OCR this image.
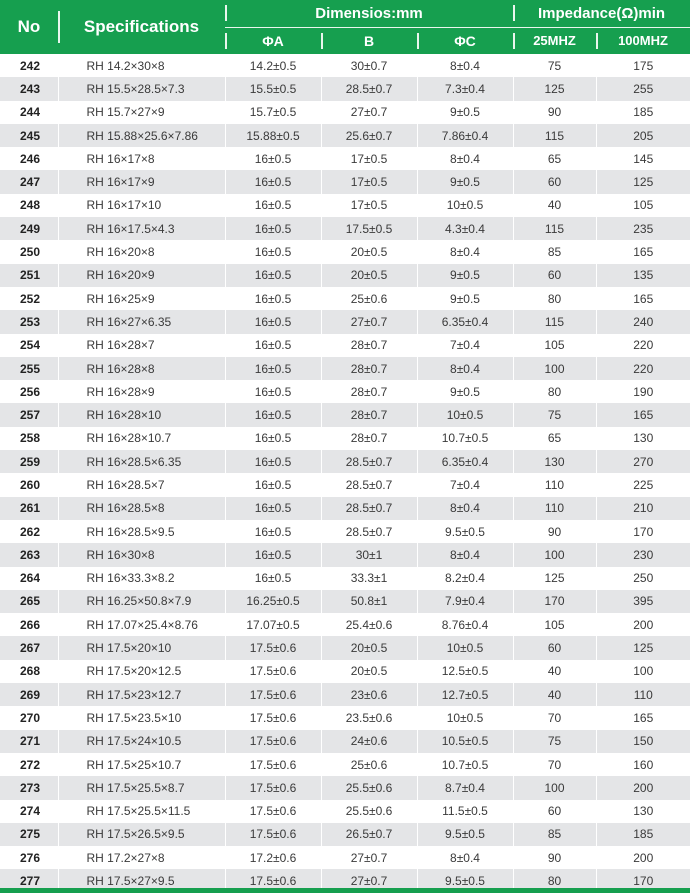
No	Specifications	Dimensios:mm			Impedance(Ω)min	
		ΦA	B	ΦC	25MHZ	100MHZ
242	RH 14.2×30×8	14.2±0.5	30±0.7	8±0.4	75	175
243	RH 15.5×28.5×7.3	15.5±0.5	28.5±0.7	7.3±0.4	125	255
244	RH 15.7×27×9	15.7±0.5	27±0.7	9±0.5	90	185
245	RH 15.88×25.6×7.86	15.88±0.5	25.6±0.7	7.86±0.4	115	205
246	RH 16×17×8	16±0.5	17±0.5	8±0.4	65	145
247	RH 16×17×9	16±0.5	17±0.5	9±0.5	60	125
248	RH 16×17×10	16±0.5	17±0.5	10±0.5	40	105
249	RH 16×17.5×4.3	16±0.5	17.5±0.5	4.3±0.4	115	235
250	RH 16×20×8	16±0.5	20±0.5	8±0.4	85	165
251	RH 16×20×9	16±0.5	20±0.5	9±0.5	60	135
252	RH 16×25×9	16±0.5	25±0.6	9±0.5	80	165
253	RH 16×27×6.35	16±0.5	27±0.7	6.35±0.4	115	240
254	RH 16×28×7	16±0.5	28±0.7	7±0.4	105	220
255	RH 16×28×8	16±0.5	28±0.7	8±0.4	100	220
256	RH 16×28×9	16±0.5	28±0.7	9±0.5	80	190
257	RH 16×28×10	16±0.5	28±0.7	10±0.5	75	165
258	RH 16×28×10.7	16±0.5	28±0.7	10.7±0.5	65	130
259	RH 16×28.5×6.35	16±0.5	28.5±0.7	6.35±0.4	130	270
260	RH 16×28.5×7	16±0.5	28.5±0.7	7±0.4	110	225
261	RH 16×28.5×8	16±0.5	28.5±0.7	8±0.4	110	210
262	RH 16×28.5×9.5	16±0.5	28.5±0.7	9.5±0.5	90	170
263	RH 16×30×8	16±0.5	30±1	8±0.4	100	230
264	RH 16×33.3×8.2	16±0.5	33.3±1	8.2±0.4	125	250
265	RH 16.25×50.8×7.9	16.25±0.5	50.8±1	7.9±0.4	170	395
266	RH 17.07×25.4×8.76	17.07±0.5	25.4±0.6	8.76±0.4	105	200
267	RH 17.5×20×10	17.5±0.6	20±0.5	10±0.5	60	125
268	RH 17.5×20×12.5	17.5±0.6	20±0.5	12.5±0.5	40	100
269	RH 17.5×23×12.7	17.5±0.6	23±0.6	12.7±0.5	40	110
270	RH 17.5×23.5×10	17.5±0.6	23.5±0.6	10±0.5	70	165
271	RH 17.5×24×10.5	17.5±0.6	24±0.6	10.5±0.5	75	150
272	RH 17.5×25×10.7	17.5±0.6	25±0.6	10.7±0.5	70	160
273	RH 17.5×25.5×8.7	17.5±0.6	25.5±0.6	8.7±0.4	100	200
274	RH 17.5×25.5×11.5	17.5±0.6	25.5±0.6	11.5±0.5	60	130
275	RH 17.5×26.5×9.5	17.5±0.6	26.5±0.7	9.5±0.5	85	185
276	RH 17.2×27×8	17.2±0.6	27±0.7	8±0.4	90	200
277	RH 17.5×27×9.5	17.5±0.6	27±0.7	9.5±0.5	80	170
